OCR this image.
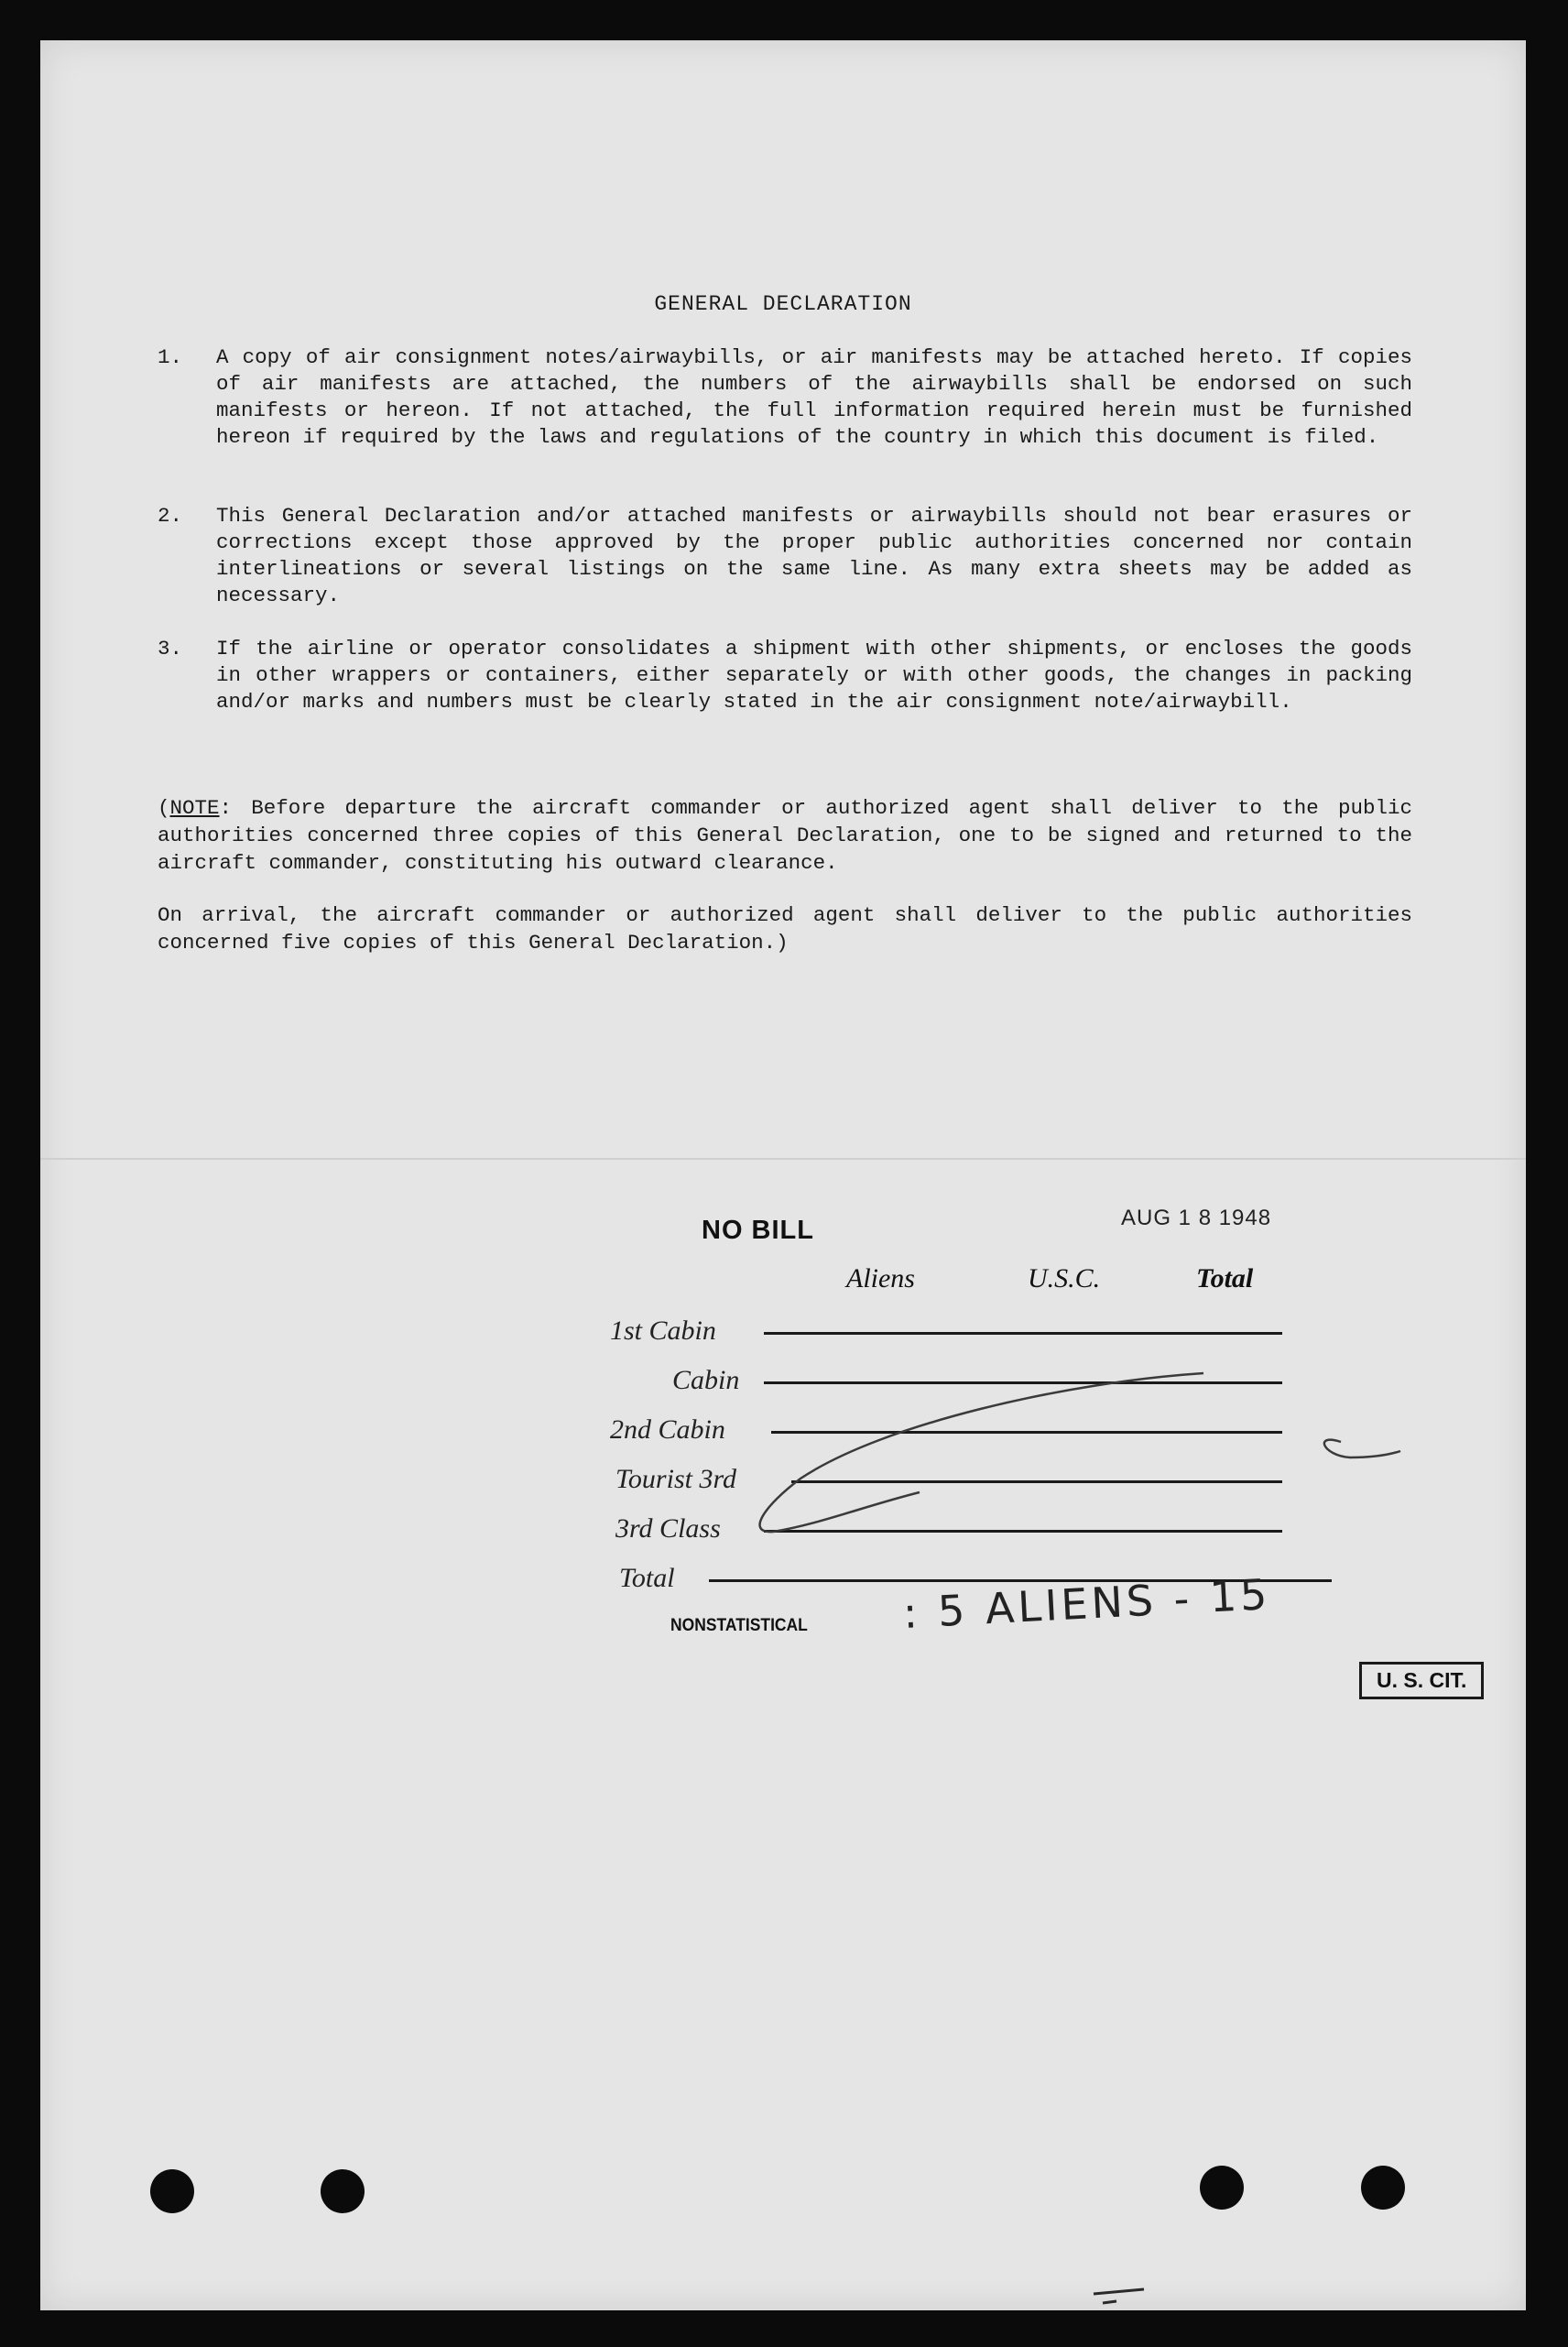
GENERAL DECLARATION
1. A copy of air consignment notes/airwaybills, or air manifests may be attached hereto. If copies of air manifests are attached, the numbers of the airwaybills shall be endorsed on such manifests or hereon. If not attached, the full information required herein must be furnished hereon if required by the laws and regulations of the country in which this document is filed.
2. This General Declaration and/or attached manifests or airwaybills should not bear erasures or corrections except those approved by the proper public authorities concerned nor contain interlineations or several listings on the same line. As many extra sheets may be added as necessary.
3. If the airline or operator consolidates a shipment with other shipments, or encloses the goods in other wrappers or containers, either separately or with other goods, the changes in packing and/or marks and numbers must be clearly stated in the air consignment note/airwaybill.
(NOTE: Before departure the aircraft commander or authorized agent shall deliver to the public authorities concerned three copies of this General Declaration, one to be signed and returned to the aircraft commander, constituting his outward clearance.
On arrival, the aircraft commander or authorized agent shall deliver to the public authorities concerned five copies of this General Declaration.)
NO BILL	AUG 1 8 1948
Aliens	U.S.C.	Total
1st Cabin
Cabin
2nd Cabin
Tourist 3rd
3rd Class
Total
NONSTATISTICAL : 5 ALIENS - 15
U. S. CIT.
